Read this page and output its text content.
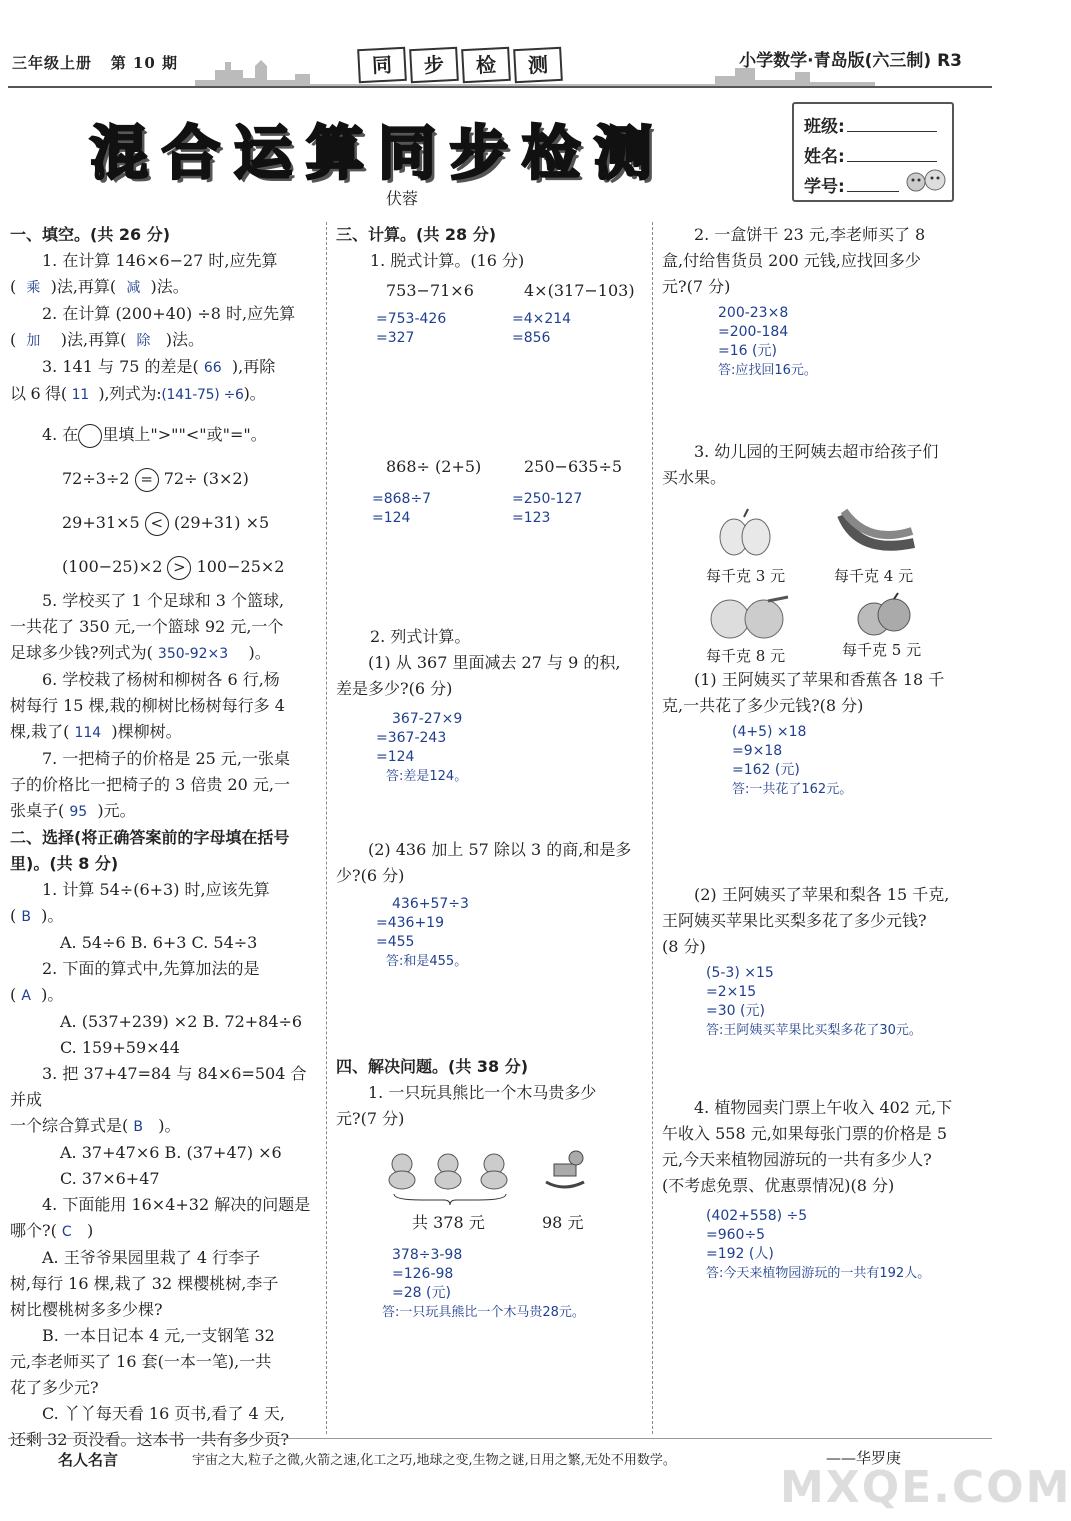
三年级上册 第 10 期	同	步	检	测	小学数学·青岛版(六三制) R3
混合运算同步检测
伏蓉
班级:
姓名:
学号:

一、填空。(共 26 分)

1. 在计算 146×6−27 时,应先算

( 乘 )法,再算( 减 )法。

2. 在计算 (200+40) ÷8 时,应先算

( 加 )法,再算( 除 )法。

3. 141 与 75 的差是( 66 ),再除

以 6 得( 11 ),列式为:(141-75) ÷6)。

4. 在 里填上">""<"或"="。

72÷3÷2 = 72÷ (3×2)

29+31×5 < (29+31) ×5

(100−25)×2 > 100−25×2

5. 学校买了 1 个足球和 3 个篮球,

一共花了 350 元,一个篮球 92 元,一个

足球多少钱?列式为( 350-92×3 )。

6. 学校栽了杨树和柳树各 6 行,杨

树每行 15 棵,栽的柳树比杨树每行多 4

棵,栽了( 114 )棵柳树。

7. 一把椅子的价格是 25 元,一张桌

子的价格比一把椅子的 3 倍贵 20 元,一

张桌子( 95 )元。

二、选择(将正确答案前的字母填在括号

里)。(共 8 分)

1. 计算 54÷(6+3) 时,应该先算

( B )。

A. 54÷6 B. 6+3 C. 54÷3

2. 下面的算式中,先算加法的是

( A )。

A. (537+239) ×2 B. 72+84÷6

C. 159+59×44

3. 把 37+47=84 与 84×6=504 合并成

一个综合算式是( B )。

A. 37+47×6 B. (37+47) ×6

C. 37×6+47

4. 下面能用 16×4+32 解决的问题是

哪个?( C )

A. 王爷爷果园里栽了 4 行李子

树,每行 16 棵,栽了 32 棵樱桃树,李子

树比樱桃树多多少棵?

B. 一本日记本 4 元,一支钢笔 32

元,李老师买了 16 套(一本一笔),一共

花了多少元?

C. 丫丫每天看 16 页书,看了 4 天,

还剩 32 页没看。这本书一共有多少页?

三、计算。(共 28 分)

1. 脱式计算。(16 分)

753−71×6
=753-426
=327
4×(317−103)
=4×214
=856
868÷ (2+5)
=868÷7
=124
250−635÷5
=250-127
=123

2. 列式计算。

(1) 从 367 里面减去 27 与 9 的积,

差是多少?(6 分)

367-27×9
=367-243
=124
答:差是124。

(2) 436 加上 57 除以 3 的商,和是多

少?(6 分)

436+57÷3
=436+19
=455
答:和是455。

四、解决问题。(共 38 分)

1. 一只玩具熊比一个木马贵多少

元?(7 分)

共 378 元	98 元
378÷3-98
=126-98
=28 (元)
答:一只玩具熊比一个木马贵28元。

2. 一盒饼干 23 元,李老师买了 8

盒,付给售货员 200 元钱,应找回多少

元?(7 分)

200-23×8
=200-184
=16 (元)
答:应找回16元。

3. 幼儿园的王阿姨去超市给孩子们

买水果。

每千克 3 元	每千克 4 元
每千克 8 元	每千克 5 元

(1) 王阿姨买了苹果和香蕉各 18 千

克,一共花了多少元钱?(8 分)

(4+5) ×18
=9×18
=162 (元)
答:一共花了162元。

(2) 王阿姨买了苹果和梨各 15 千克,

王阿姨买苹果比买梨多花了多少元钱?

(8 分)

(5-3) ×15
=2×15
=30 (元)
答:王阿姨买苹果比买梨多花了30元。

4. 植物园卖门票上午收入 402 元,下

午收入 558 元,如果每张门票的价格是 5

元,今天来植物园游玩的一共有多少人?

(不考虑免票、优惠票情况)(8 分)

(402+558) ÷5
=960÷5
=192 (人)
答:今天来植物园游玩的一共有192人。
名人名言	宇宙之大,粒子之微,火箭之速,化工之巧,地球之变,生物之谜,日用之繁,无处不用数学。	——华罗庚
MXQE.COM
